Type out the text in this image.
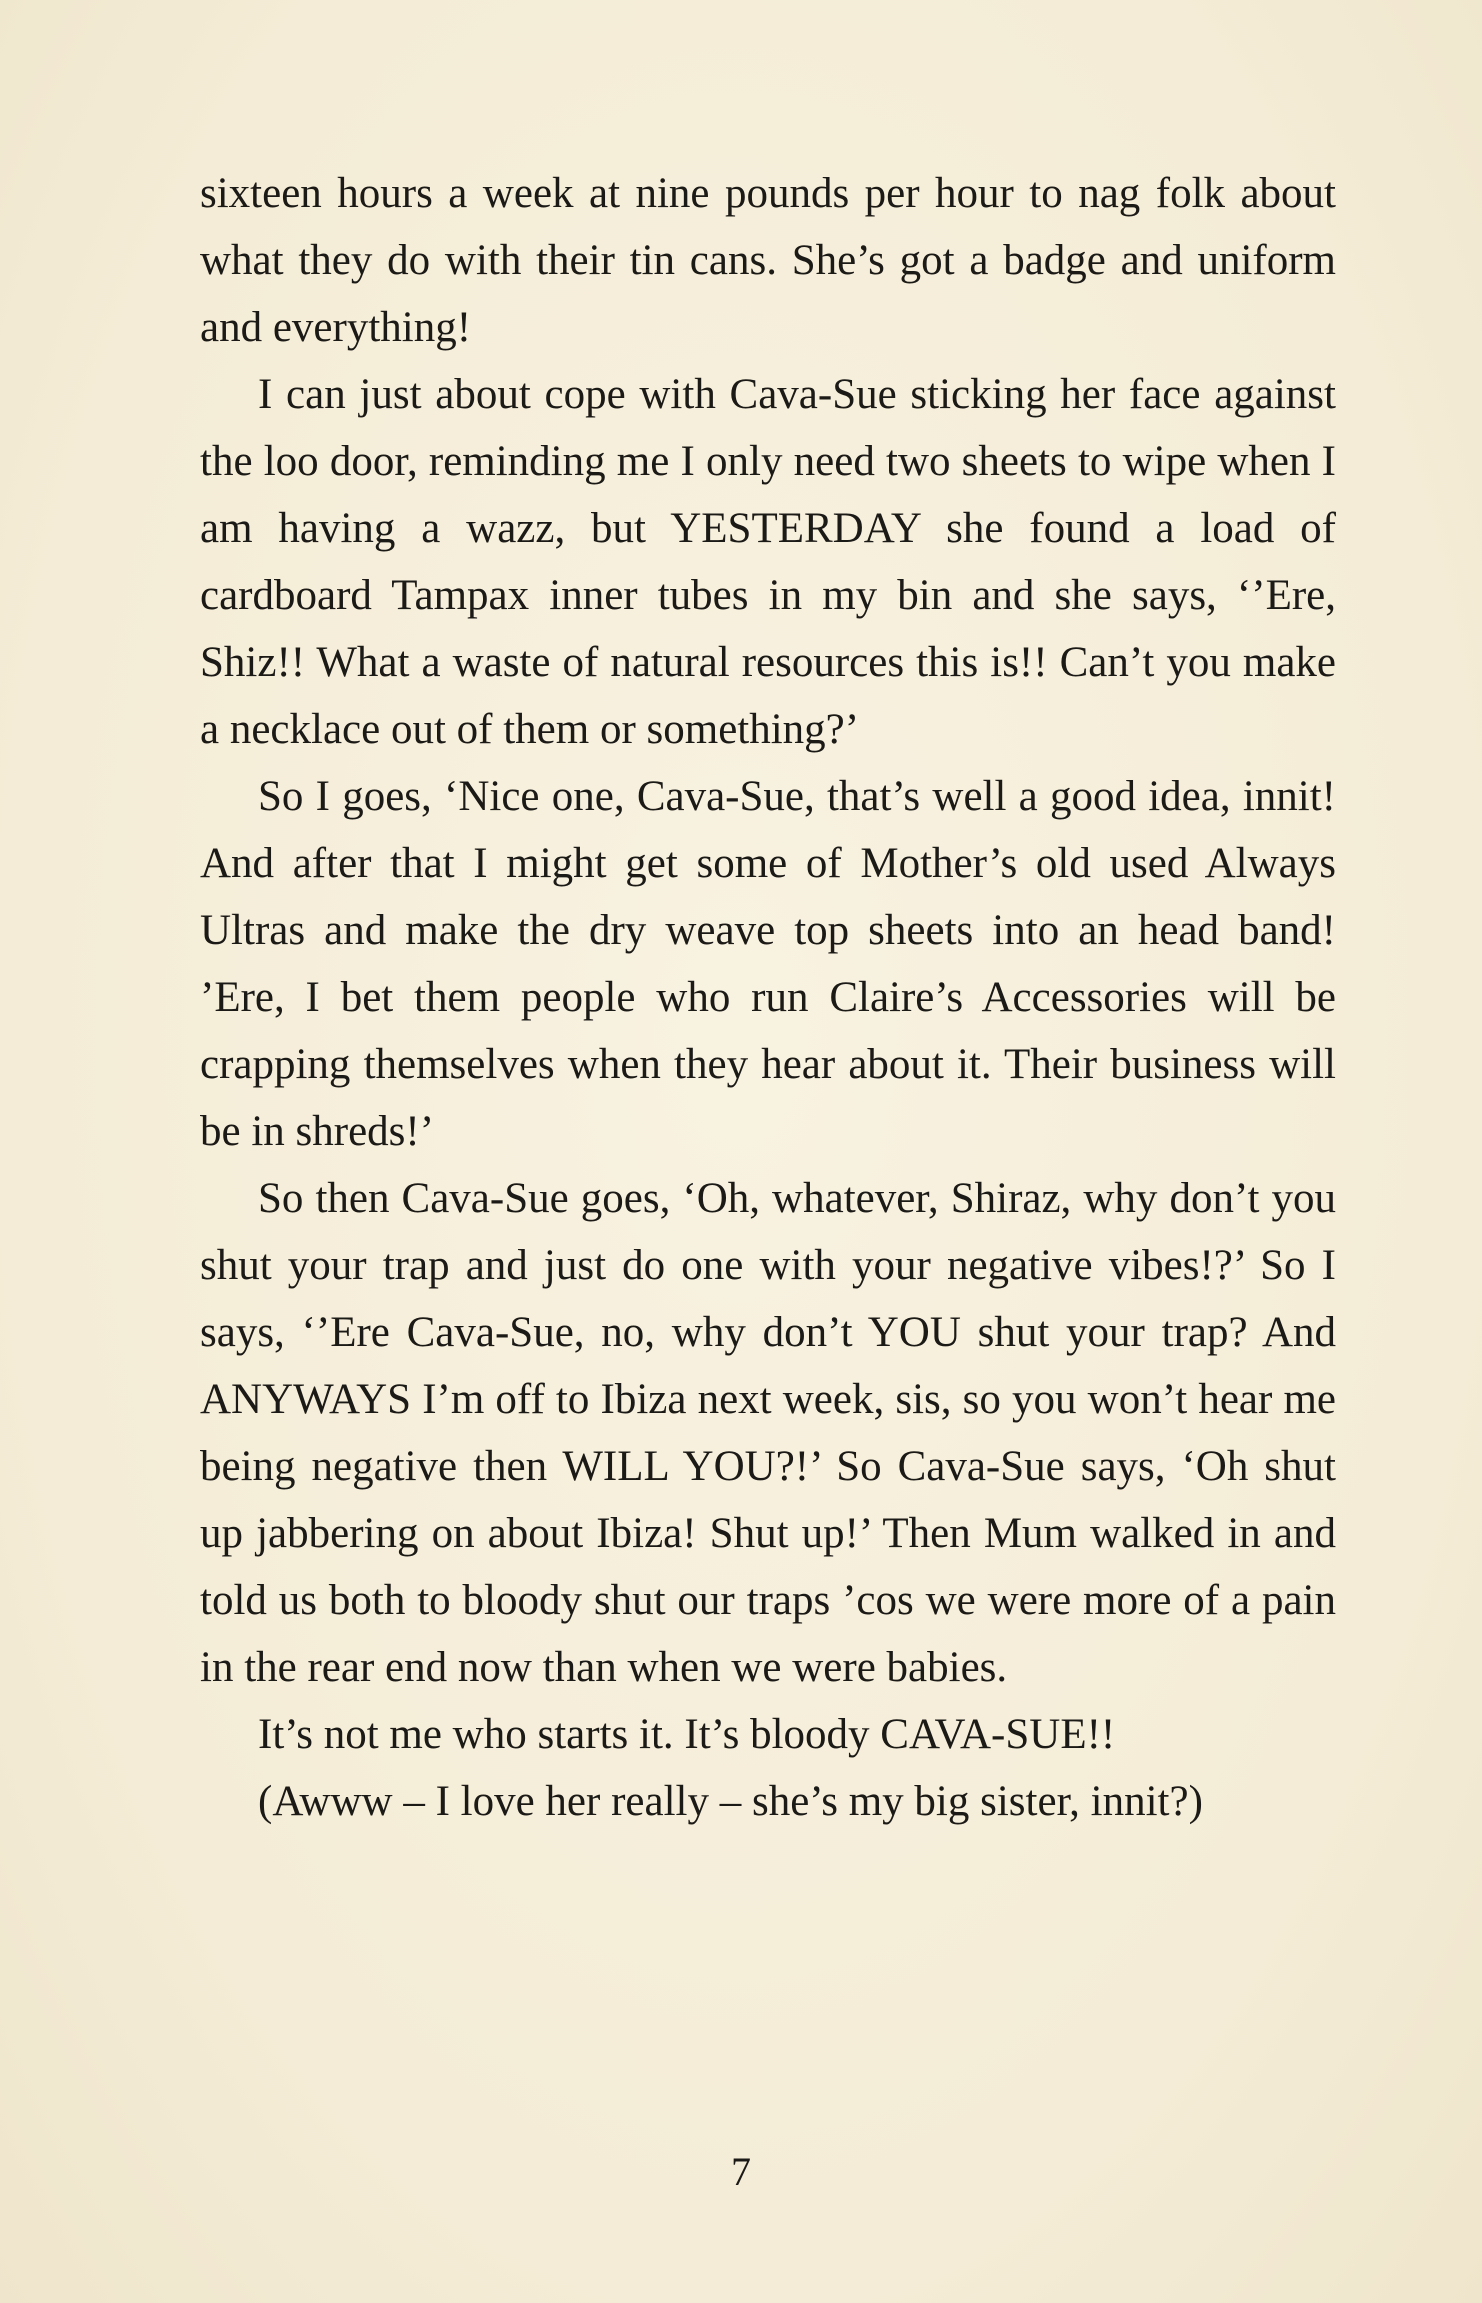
sixteen hours a week at nine pounds per hour to nag folk about what they do with their tin cans. She’s got a badge and uniform and everything!

I can just about cope with Cava-Sue sticking her face against the loo door, reminding me I only need two sheets to wipe when I am having a wazz, but YESTERDAY she found a load of cardboard Tampax inner tubes in my bin and she says, ‘’Ere, Shiz!! What a waste of natural resources this is!! Can’t you make a necklace out of them or something?’

So I goes, ‘Nice one, Cava-Sue, that’s well a good idea, innit! And after that I might get some of Mother’s old used Always Ultras and make the dry weave top sheets into an head band! ’Ere, I bet them people who run Claire’s Accessories will be crapping themselves when they hear about it. Their business will be in shreds!’

So then Cava-Sue goes, ‘Oh, whatever, Shiraz, why don’t you shut your trap and just do one with your negative vibes!?’ So I says, ‘’Ere Cava-Sue, no, why don’t YOU shut your trap? And ANYWAYS I’m off to Ibiza next week, sis, so you won’t hear me being negative then WILL YOU?!’ So Cava-Sue says, ‘Oh shut up jabbering on about Ibiza! Shut up!’ Then Mum walked in and told us both to bloody shut our traps ’cos we were more of a pain in the rear end now than when we were babies.

It’s not me who starts it. It’s bloody CAVA-SUE!!

(Awww – I love her really – she’s my big sister, innit?)

7
